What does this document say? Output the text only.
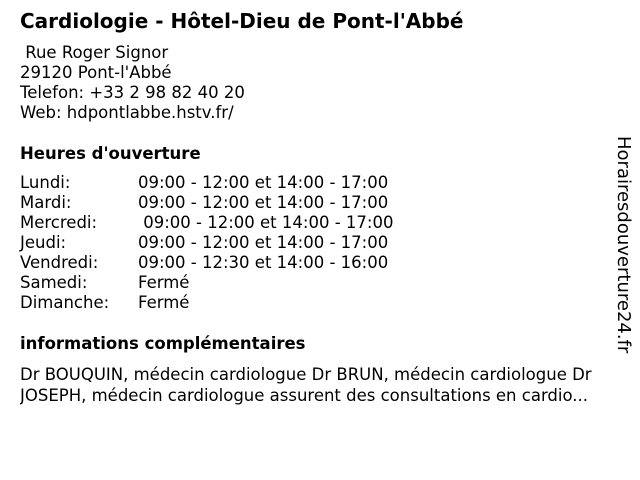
Cardiologie - Hôtel-Dieu de Pont-l'Abbé
Rue Roger Signor
29120 Pont-l'Abbé
Telefon: +33 2 98 82 40 20
Web: hdpontlabbe.hstv.fr/
Heures d'ouverture
Lundi:	09:00 - 12:00 et 14:00 - 17:00
Mardi:	09:00 - 12:00 et 14:00 - 17:00
Mercredi:	09:00 - 12:00 et 14:00 - 17:00
Jeudi:	09:00 - 12:00 et 14:00 - 17:00
Vendredi:	09:00 - 12:30 et 14:00 - 16:00
Samedi:	Fermé
Dimanche:	Fermé
informations complémentaires
Dr BOUQUIN, médecin cardiologue Dr BRUN, médecin cardiologue Dr
JOSEPH, médecin cardiologue assurent des consultations en cardio...
Horairesdouverture24.fr
